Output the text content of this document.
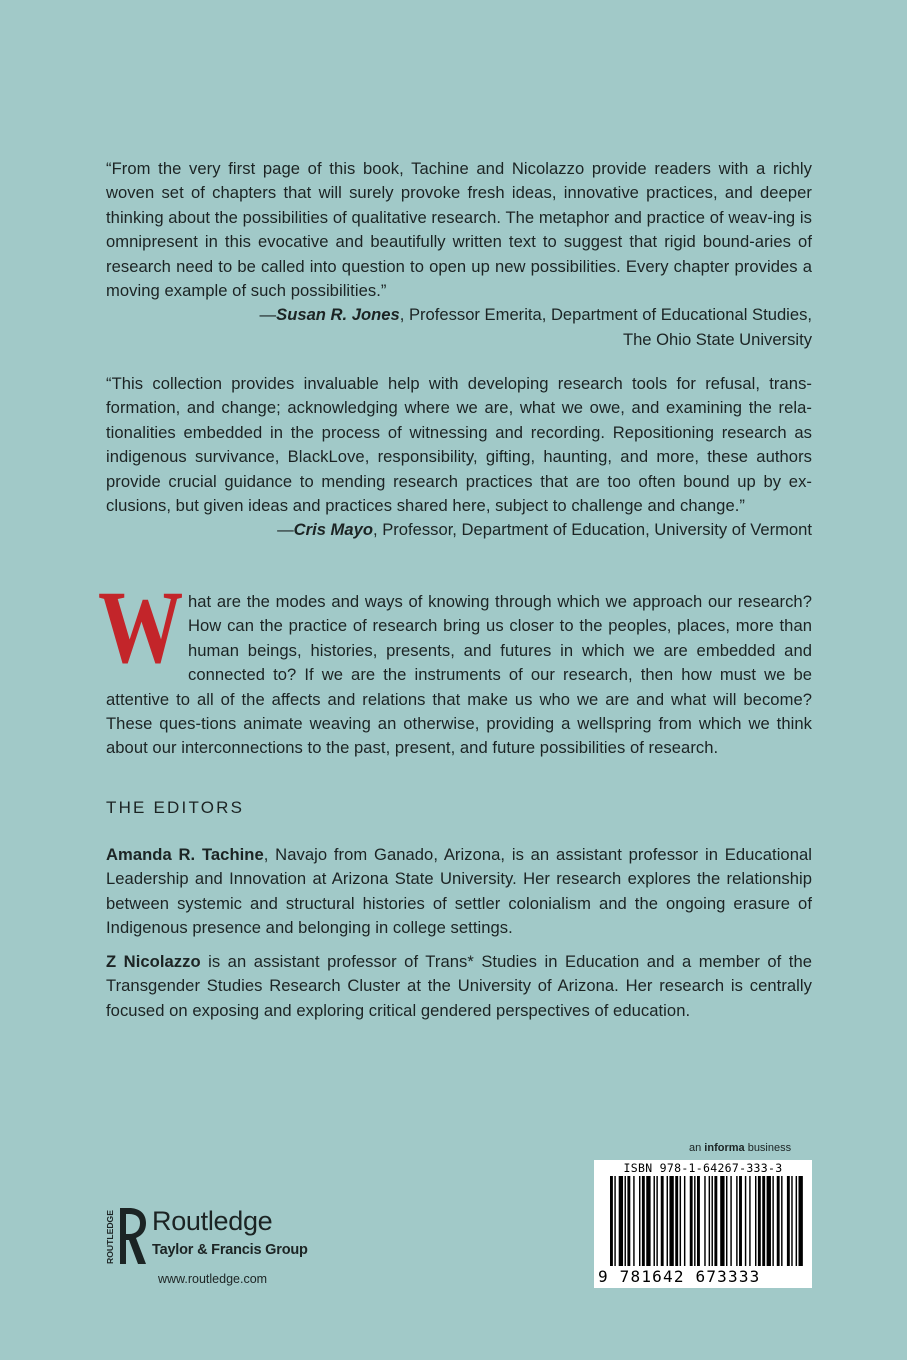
“From the very first page of this book, Tachine and Nicolazzo provide readers with a richly woven set of chapters that will surely provoke fresh ideas, innovative practices, and deeper thinking about the possibilities of qualitative research. The metaphor and practice of weav-ing is omnipresent in this evocative and beautifully written text to suggest that rigid bound-aries of research need to be called into question to open up new possibilities. Every chapter provides a moving example of such possibilities.”

—Susan R. Jones, Professor Emerita, Department of Educational Studies,
The Ohio State University

“This collection provides invaluable help with developing research tools for refusal, trans-formation, and change; acknowledging where we are, what we owe, and examining the rela-tionalities embedded in the process of witnessing and recording. Repositioning research as indigenous survivance, BlackLove, responsibility, gifting, haunting, and more, these authors provide crucial guidance to mending research practices that are too often bound up by ex-clusions, but given ideas and practices shared here, subject to challenge and change.”

—Cris Mayo, Professor, Department of Education, University of Vermont

W hat are the modes and ways of knowing through which we approach our research? How can the practice of research bring us closer to the peoples, places, more than human beings, histories, presents, and futures in which we are embedded and connected to? If we are the instruments of our research, then how must we be attentive to all of the affects and relations that make us who we are and what will become? These ques-tions animate weaving an otherwise, providing a wellspring from which we think about our interconnections to the past, present, and future possibilities of research.

THE EDITORS

Amanda R. Tachine, Navajo from Ganado, Arizona, is an assistant professor in Educational Leadership and Innovation at Arizona State University. Her research explores the relationship between systemic and structural histories of settler colonialism and the ongoing erasure of Indigenous presence and belonging in college settings.

Z Nicolazzo is an assistant professor of Trans* Studies in Education and a member of the Transgender Studies Research Cluster at the University of Arizona. Her research is centrally focused on exposing and exploring critical gendered perspectives of education.

ROUTLEDGE Routledge
Taylor & Francis Group
www.routledge.com
an informa business
ISBN 978-1-64267-333-3
9 781642 673333
